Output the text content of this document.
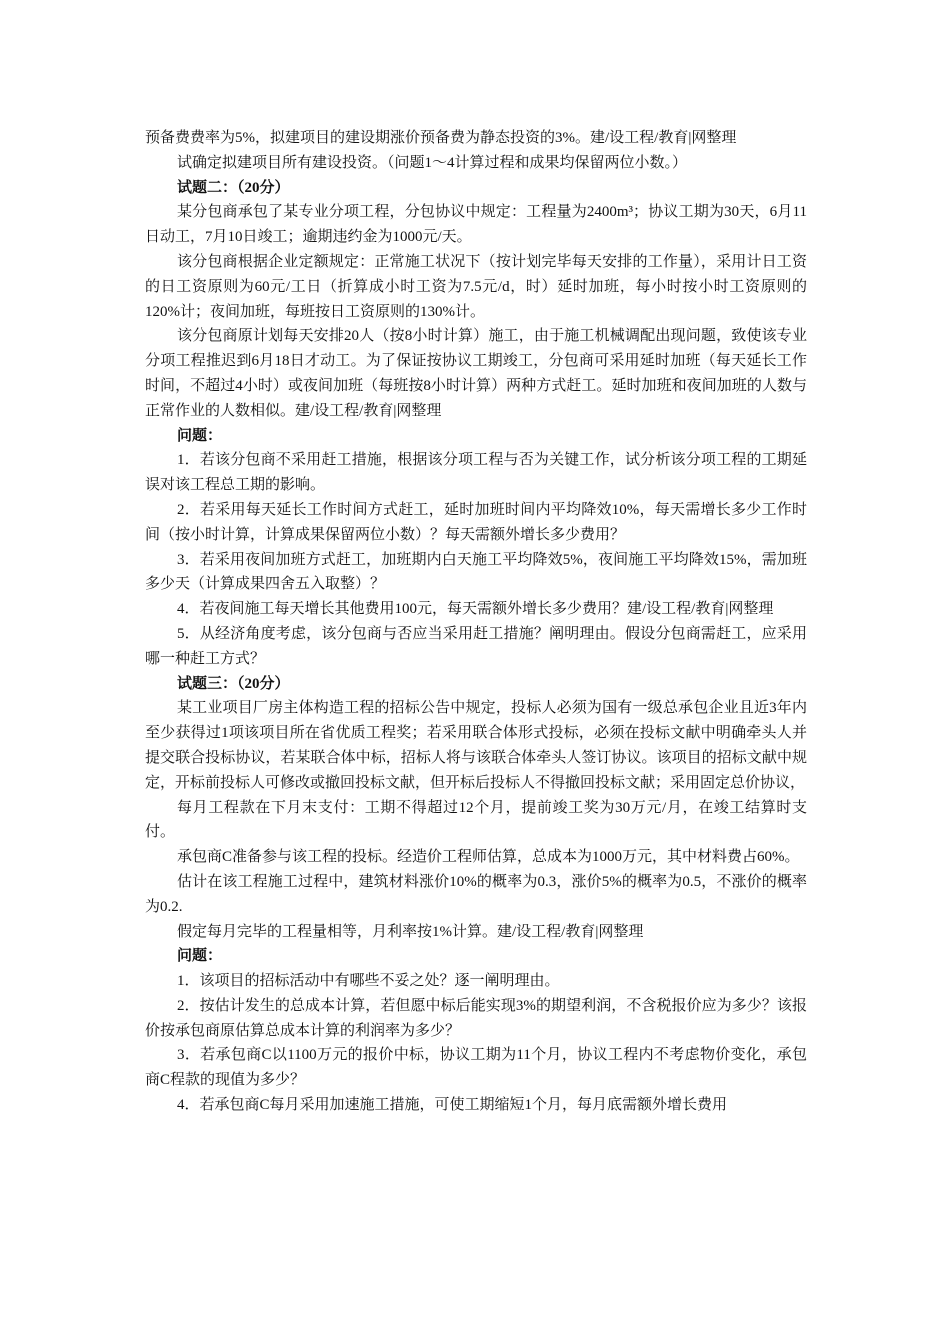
预备费费率为5%，拟建项目的建设期涨价预备费为静态投资的3%。建/设工程/教育|网整理

试确定拟建项目所有建设投资。（问题1～4计算过程和成果均保留两位小数。）

试题二：（20分）

某分包商承包了某专业分项工程，分包协议中规定：工程量为2400m³；协议工期为30天，6月11日动工，7月10日竣工；逾期违约金为1000元/天。

该分包商根据企业定额规定：正常施工状况下（按计划完毕每天安排的工作量），采用计日工资的日工资原则为60元/工日（折算成小时工资为7.5元/d，时）延时加班，每小时按小时工资原则的120%计；夜间加班，每班按日工资原则的130%计。

该分包商原计划每天安排20人（按8小时计算）施工，由于施工机械调配出现问题，致使该专业分项工程推迟到6月18日才动工。为了保证按协议工期竣工，分包商可采用延时加班（每天延长工作时间，不超过4小时）或夜间加班（每班按8小时计算）两种方式赶工。延时加班和夜间加班的人数与正常作业的人数相似。建/设工程/教育|网整理

问题：

1．若该分包商不采用赶工措施，根据该分项工程与否为关键工作，试分析该分项工程的工期延误对该工程总工期的影响。

2．若采用每天延长工作时间方式赶工，延时加班时间内平均降效10%，每天需增长多少工作时间（按小时计算，计算成果保留两位小数）？每天需额外增长多少费用？

3．若采用夜间加班方式赶工，加班期内白天施工平均降效5%，夜间施工平均降效15%，需加班多少天（计算成果四舍五入取整）？

4．若夜间施工每天增长其他费用100元，每天需额外增长多少费用？建/设工程/教育|网整理

5．从经济角度考虑，该分包商与否应当采用赶工措施？阐明理由。假设分包商需赶工，应采用哪一种赶工方式？

试题三：（20分）

某工业项目厂房主体构造工程的招标公告中规定，投标人必须为国有一级总承包企业且近3年内至少获得过1项该项目所在省优质工程奖；若采用联合体形式投标，必须在投标文献中明确牵头人并提交联合投标协议，若某联合体中标，招标人将与该联合体牵头人签订协议。该项目的招标文献中规定，开标前投标人可修改或撤回投标文献，但开标后投标人不得撤回投标文献；采用固定总价协议，

每月工程款在下月末支付：工期不得超过12个月，提前竣工奖为30万元/月，在竣工结算时支付。

承包商C准备参与该工程的投标。经造价工程师估算，总成本为1000万元，其中材料费占60%。

估计在该工程施工过程中，建筑材料涨价10%的概率为0.3，涨价5%的概率为0.5，不涨价的概率为0.2.

假定每月完毕的工程量相等，月利率按1%计算。建/设工程/教育|网整理

问题：

1．该项目的招标活动中有哪些不妥之处？逐一阐明理由。

2．按估计发生的总成本计算，若但愿中标后能实现3%的期望利润，不含税报价应为多少？该报价按承包商原估算总成本计算的利润率为多少？

3．若承包商C以1100万元的报价中标，协议工期为11个月，协议工程内不考虑物价变化，承包商C程款的现值为多少？

4．若承包商C每月采用加速施工措施，可使工期缩短1个月，每月底需额外增长费用
